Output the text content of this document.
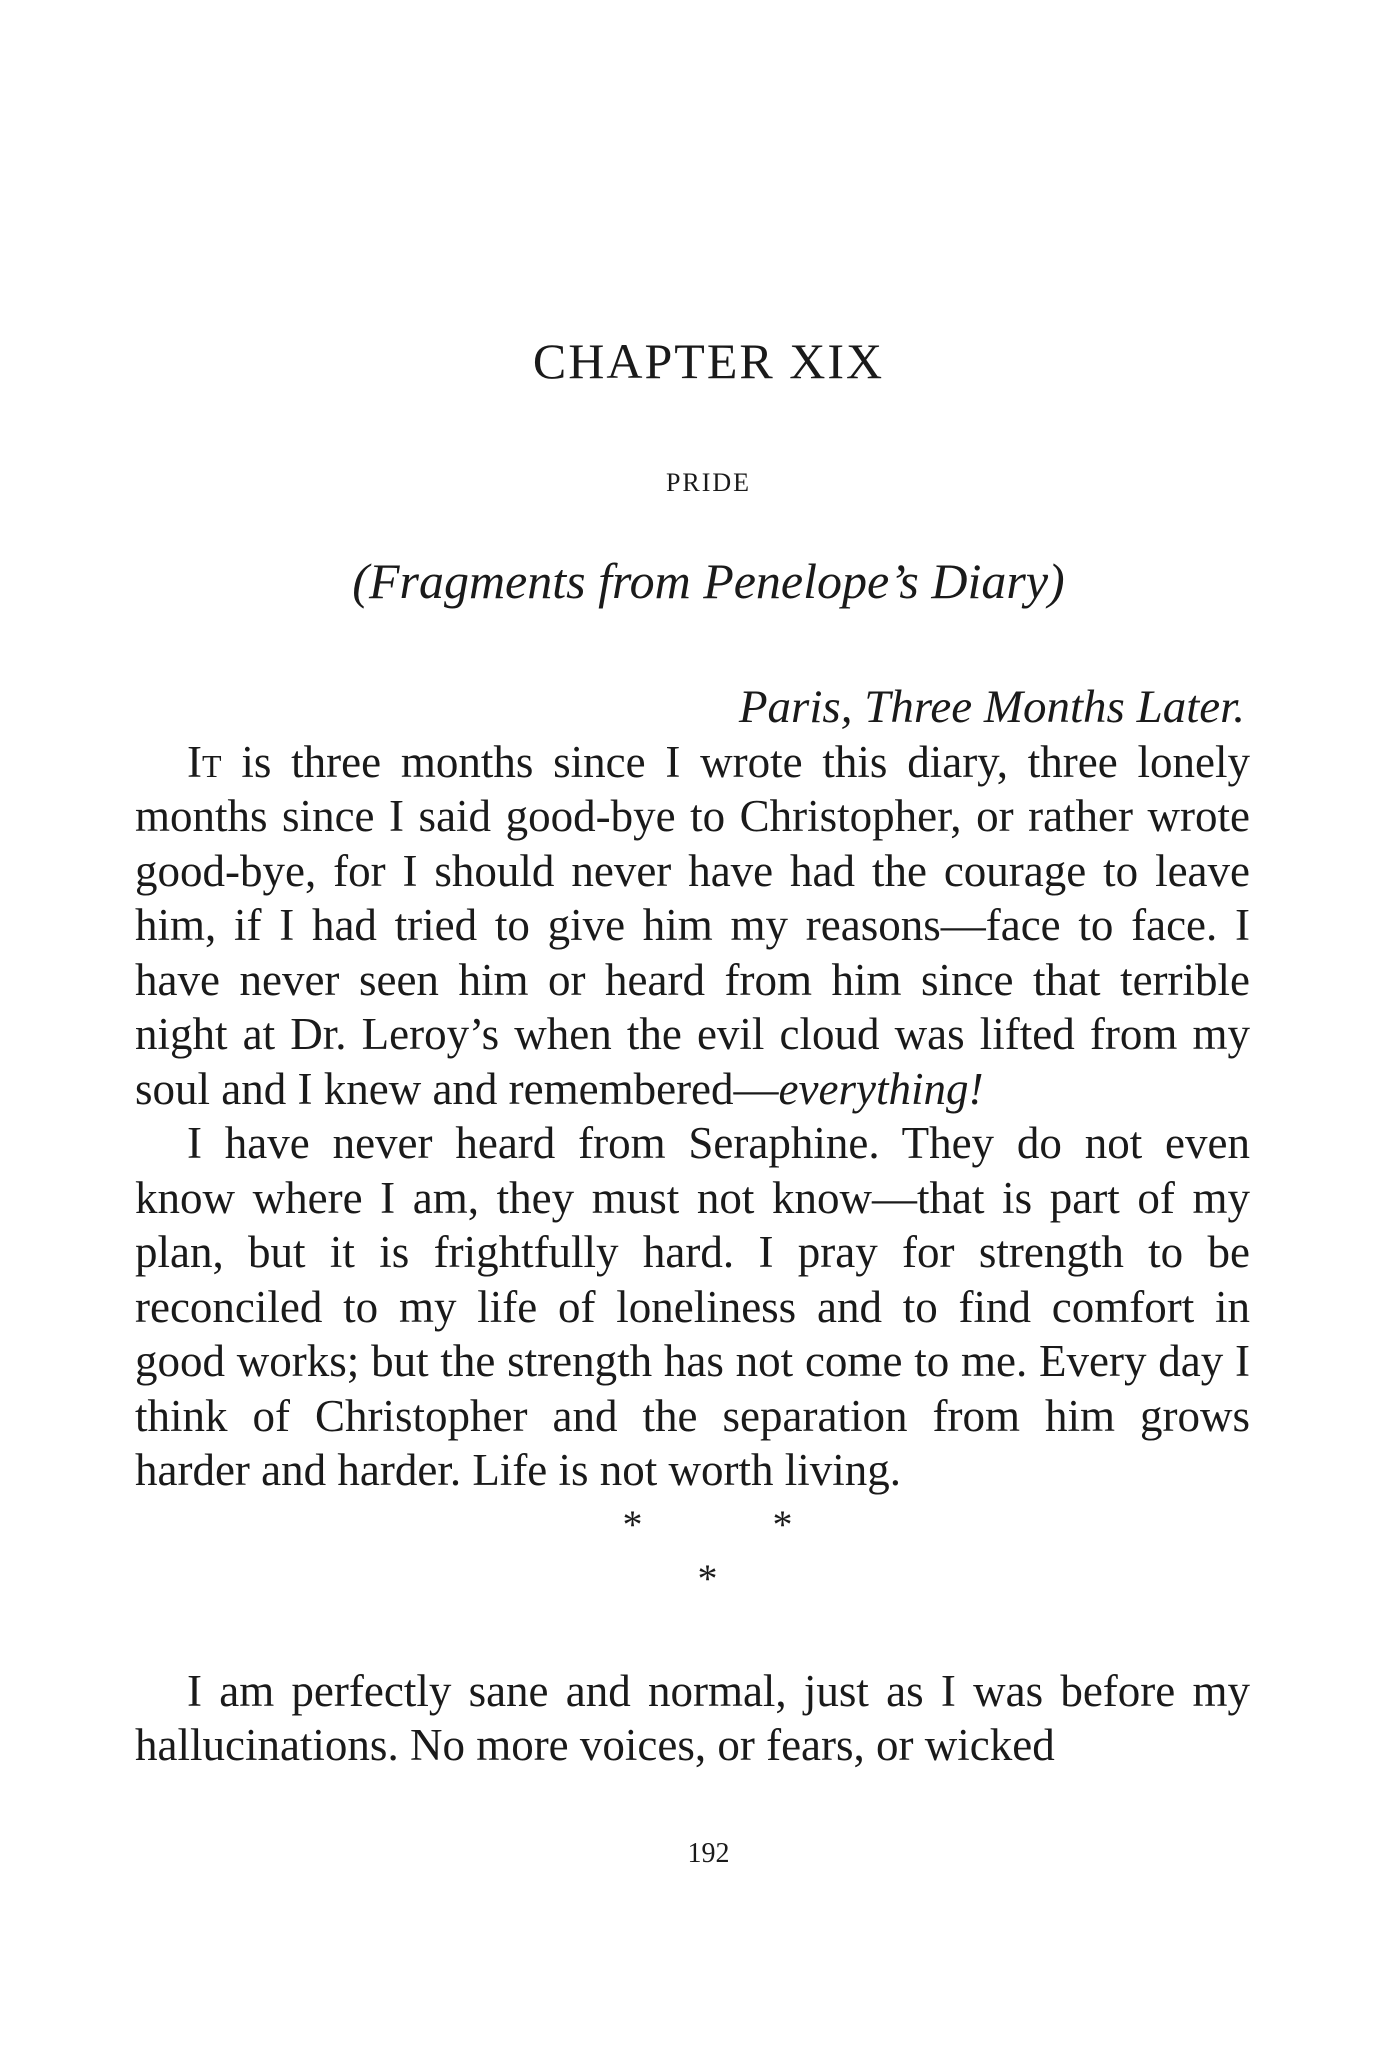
CHAPTER XIX
PRIDE
(Fragments from Penelope’s Diary)
Paris, Three Months Later.

It is three months since I wrote this diary, three lonely months since I said good-bye to Christopher, or rather wrote good-bye, for I should never have had the courage to leave him, if I had tried to give him my reasons—face to face. I have never seen him or heard from him since that terrible night at Dr. Leroy’s when the evil cloud was lifted from my soul and I knew and remembered—everything!

I have never heard from Seraphine. They do not even know where I am, they must not know—that is part of my plan, but it is frightfully hard. I pray for strength to be reconciled to my life of loneliness and to find comfort in good works; but the strength has not come to me. Every day I think of Christopher and the separation from him grows harder and harder. Life is not worth living.

*	*
*

I am perfectly sane and normal, just as I was before my hallucinations. No more voices, or fears, or wicked

192
